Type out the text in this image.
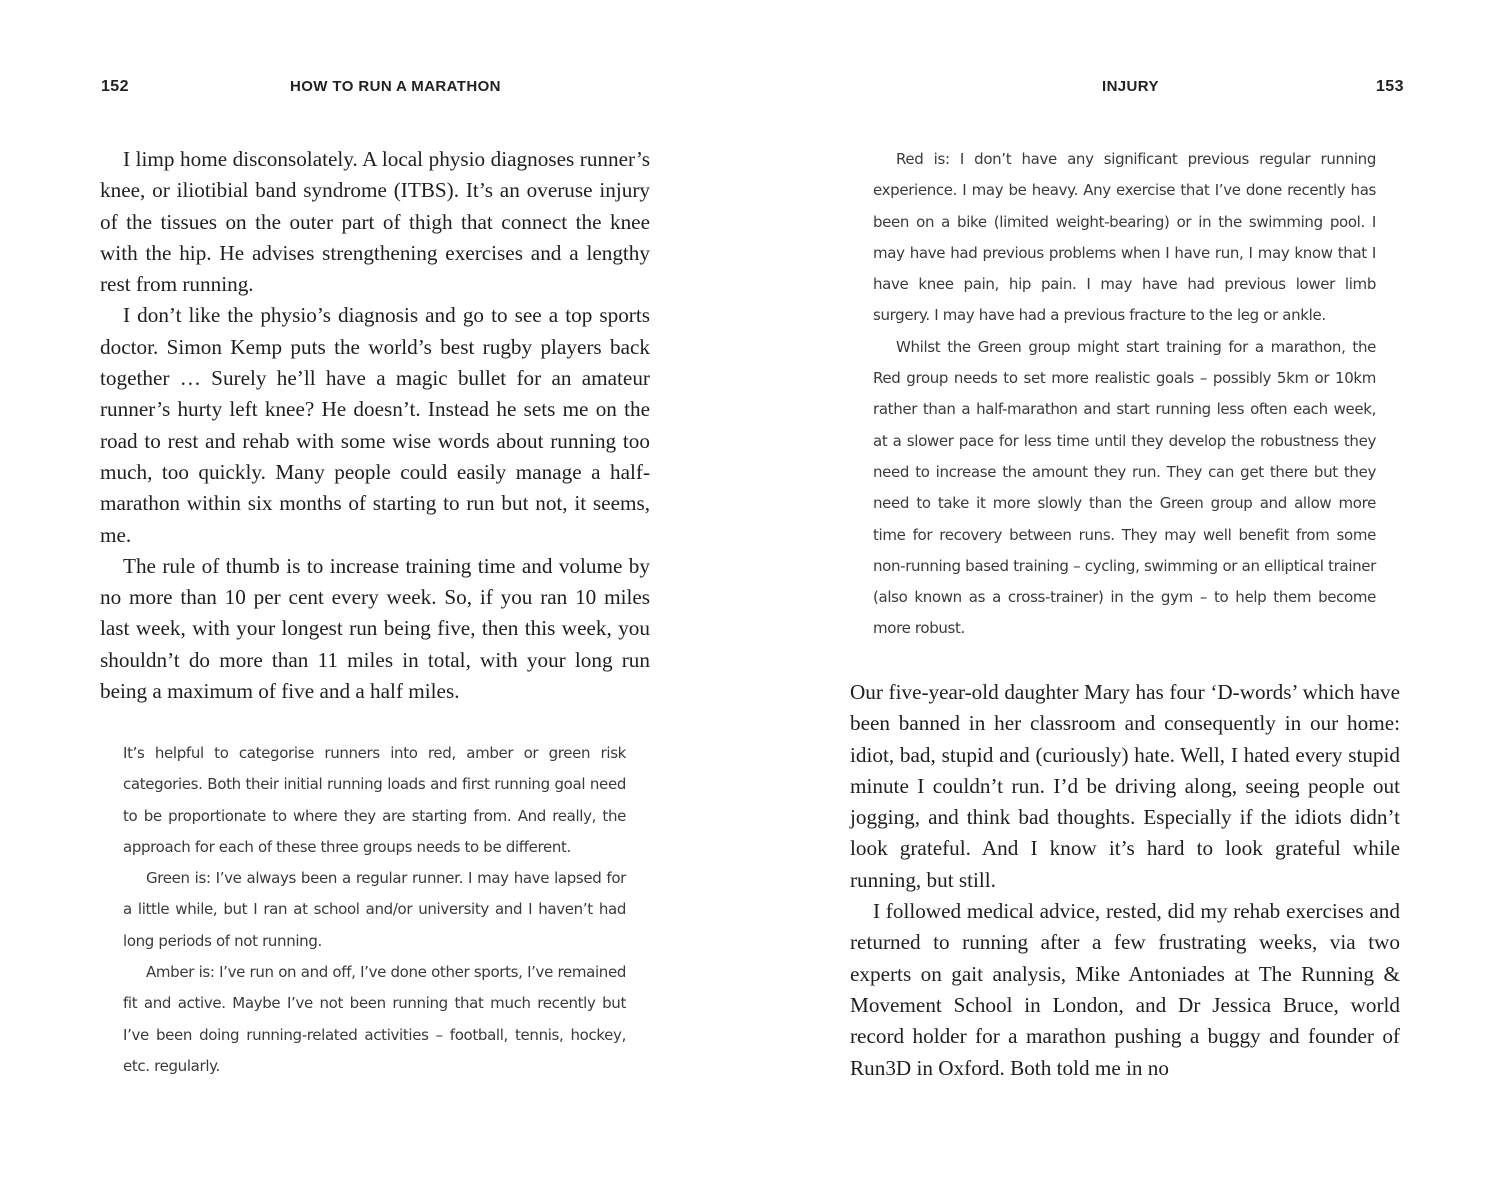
152	HOW TO RUN A MARATHON

I limp home disconsolately. A local physio diagnoses runner’s knee, or iliotibial band syndrome (ITBS). It’s an overuse injury of the tissues on the outer part of thigh that connect the knee with the hip. He advises strengthening exercises and a lengthy rest from running.

I don’t like the physio’s diagnosis and go to see a top sports doctor. Simon Kemp puts the world’s best rugby players back together … Surely he’ll have a magic bullet for an amateur runner’s hurty left knee? He doesn’t. Instead he sets me on the road to rest and rehab with some wise words about running too much, too quickly. Many people could easily manage a half-marathon within six months of starting to run but not, it seems, me.

The rule of thumb is to increase training time and volume by no more than 10 per cent every week. So, if you ran 10 miles last week, with your longest run being five, then this week, you shouldn’t do more than 11 miles in total, with your long run being a maximum of five and a half miles.

It’s helpful to categorise runners into red, amber or green risk categories. Both their initial running loads and first running goal need to be proportionate to where they are starting from. And really, the approach for each of these three groups needs to be different.

Green is: I’ve always been a regular runner. I may have lapsed for a little while, but I ran at school and/or university and I haven’t had long periods of not running.

Amber is: I’ve run on and off, I’ve done other sports, I’ve remained fit and active. Maybe I’ve not been running that much recently but I’ve been doing running-related activities – football, tennis, hockey, etc. regularly.

INJURY	153

Red is: I don’t have any significant previous regular running experience. I may be heavy. Any exercise that I’ve done recently has been on a bike (limited weight-bearing) or in the swimming pool. I may have had previous problems when I have run, I may know that I have knee pain, hip pain. I may have had previous lower limb surgery. I may have had a previous fracture to the leg or ankle.

Whilst the Green group might start training for a marathon, the Red group needs to set more realistic goals – possibly 5km or 10km rather than a half-marathon and start running less often each week, at a slower pace for less time until they develop the robustness they need to increase the amount they run. They can get there but they need to take it more slowly than the Green group and allow more time for recovery between runs. They may well benefit from some non-running based training – cycling, swimming or an elliptical trainer (also known as a cross-trainer) in the gym – to help them become more robust.

Our five-year-old daughter Mary has four ‘D-words’ which have been banned in her classroom and consequently in our home: idiot, bad, stupid and (curiously) hate. Well, I hated every stupid minute I couldn’t run. I’d be driving along, seeing people out jogging, and think bad thoughts. Especially if the idiots didn’t look grateful. And I know it’s hard to look grateful while running, but still.

I followed medical advice, rested, did my rehab exercises and returned to running after a few frustrating weeks, via two experts on gait analysis, Mike Antoniades at The Running & Movement School in London, and Dr Jessica Bruce, world record holder for a marathon pushing a buggy and founder of Run3D in Oxford. Both told me in no
